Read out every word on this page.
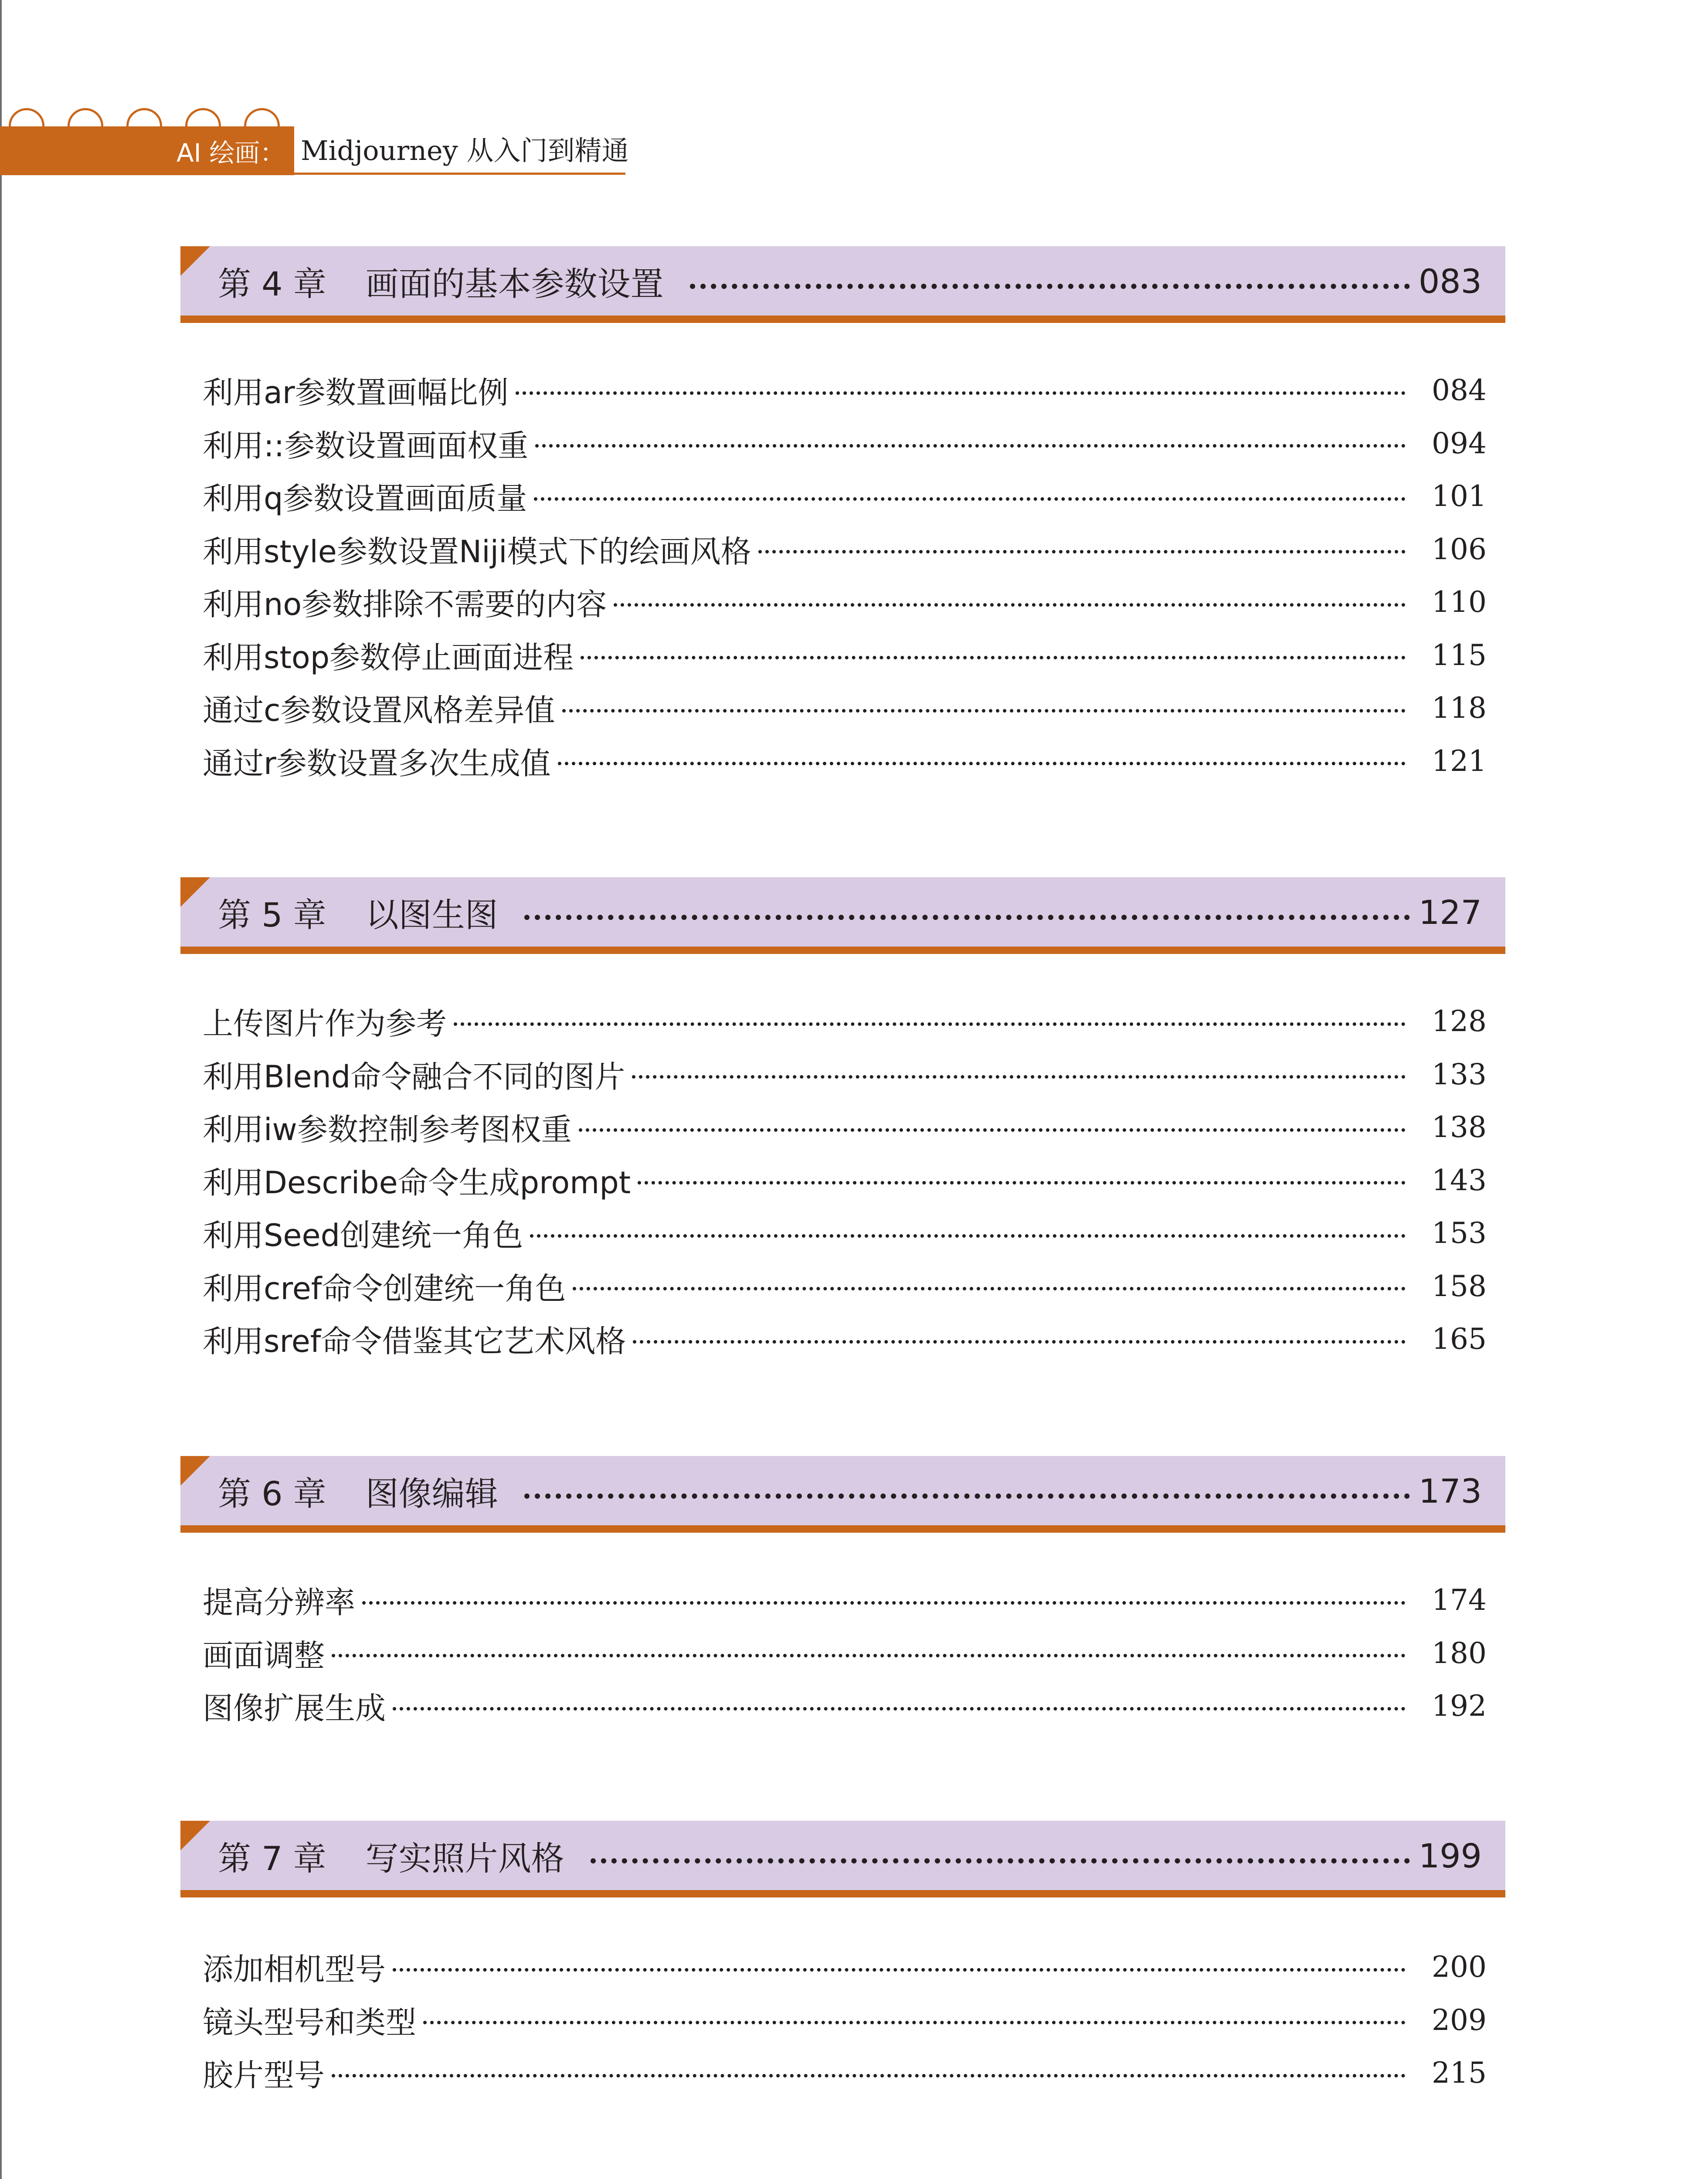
AI 绘画： Midjourney 从入门到精通
第 4 章 画面的基本参数设置	083
利用ar参数置画幅比例	084
利用::参数设置画面权重	094
利用q参数设置画面质量	101
利用style参数设置Niji模式下的绘画风格	106
利用no参数排除不需要的内容	110
利用stop参数停止画面进程	115
通过c参数设置风格差异值	118
通过r参数设置多次生成值	121
第 5 章 以图生图	127
上传图片作为参考	128
利用Blend命令融合不同的图片	133
利用iw参数控制参考图权重	138
利用Describe命令生成prompt	143
利用Seed创建统一角色	153
利用cref命令创建统一角色	158
利用sref命令借鉴其它艺术风格	165
第 6 章 图像编辑	173
提高分辨率	174
画面调整	180
图像扩展生成	192
第 7 章 写实照片风格	199
添加相机型号	200
镜头型号和类型	209
胶片型号	215
